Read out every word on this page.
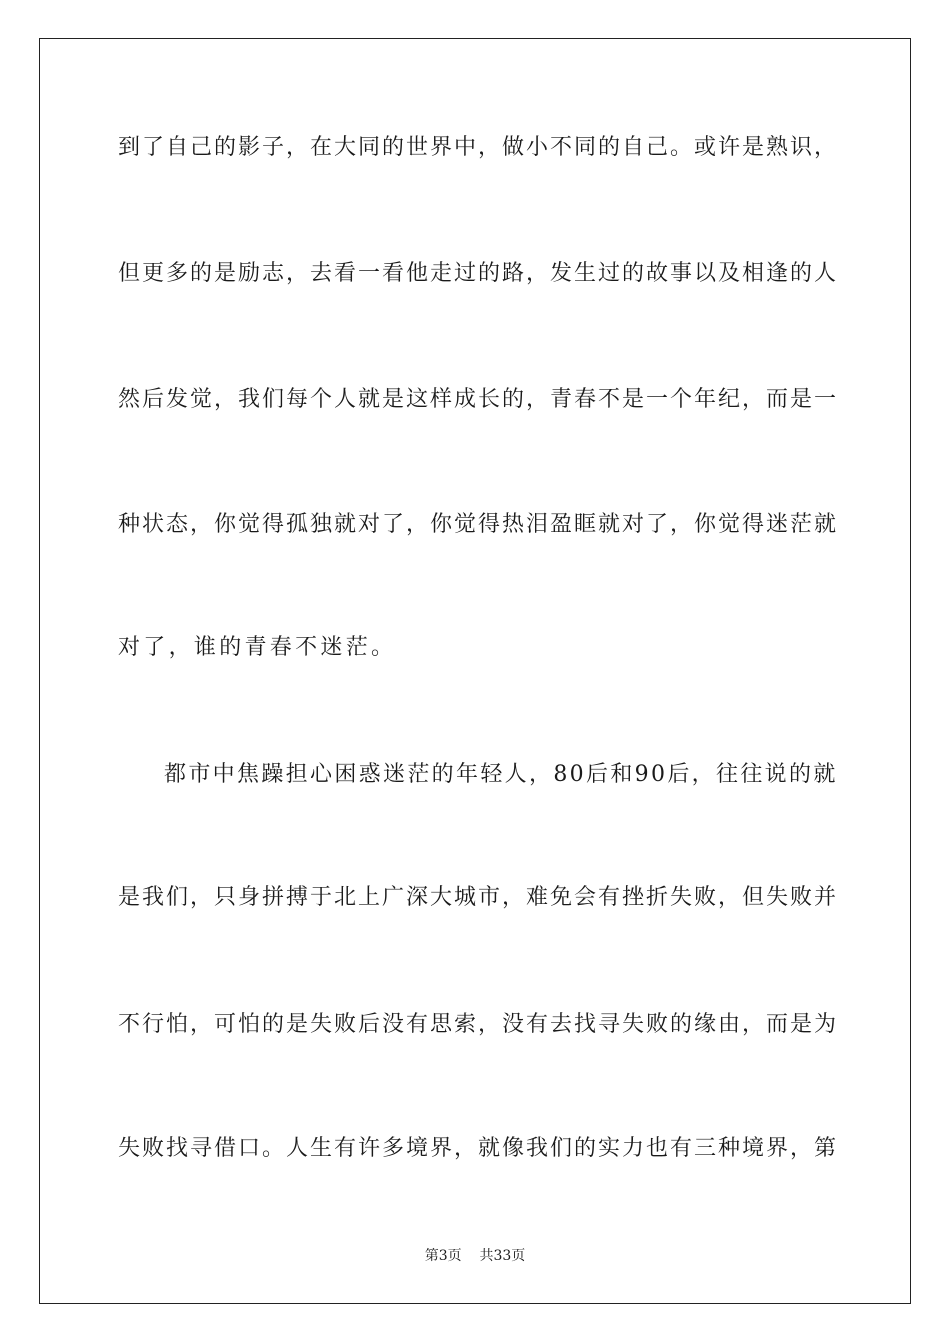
到了自己的影子，在大同的世界中，做小不同的自己。或许是熟识，
但更多的是励志，去看一看他走过的路，发生过的故事以及相逢的人
然后发觉，我们每个人就是这样成长的，青春不是一个年纪，而是一
种状态，你觉得孤独就对了，你觉得热泪盈眶就对了，你觉得迷茫就
对了，谁的青春不迷茫。
都市中焦躁担心困惑迷茫的年轻人，80后和90后，往往说的就
是我们，只身拼搏于北上广深大城市，难免会有挫折失败，但失败并
不行怕，可怕的是失败后没有思索，没有去找寻失败的缘由，而是为
失败找寻借口。人生有许多境界，就像我们的实力也有三种境界，第
第3页 共33页
